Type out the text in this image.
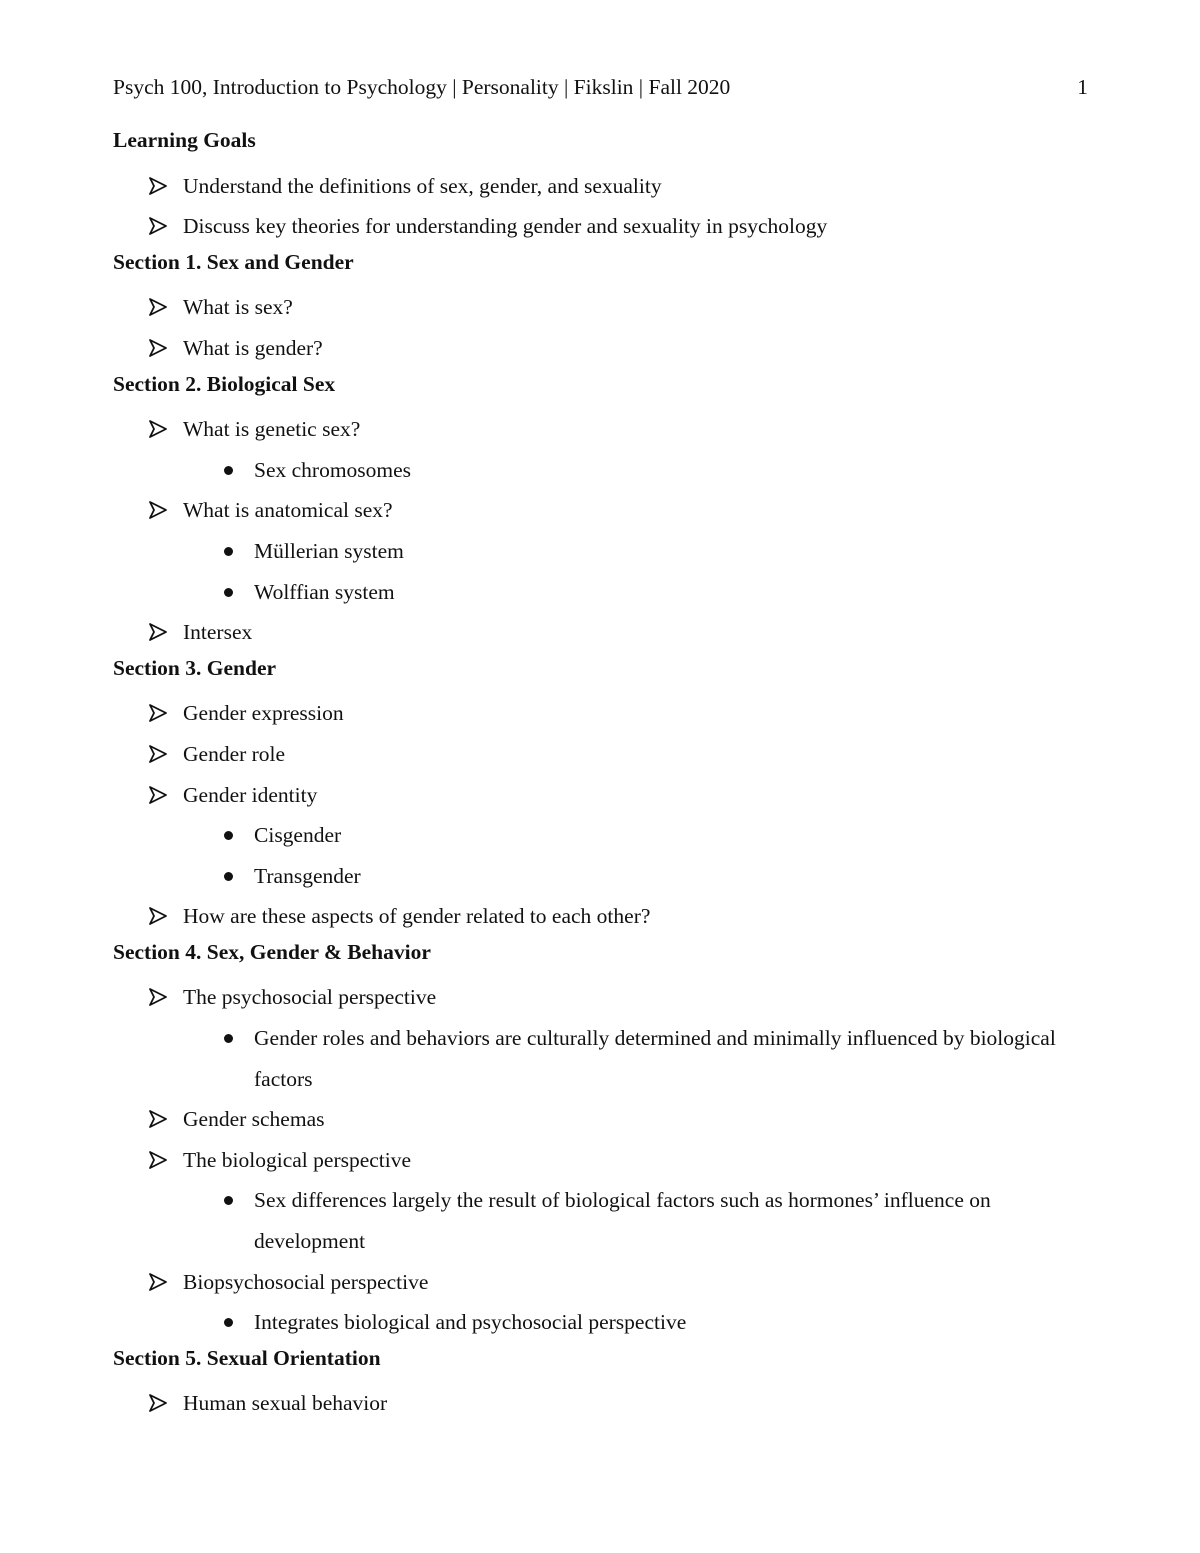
Psych 100, Introduction to Psychology | Personality | Fikslin | Fall 2020	1
Learning Goals
Understand the definitions of sex, gender, and sexuality
Discuss key theories for understanding gender and sexuality in psychology
Section 1. Sex and Gender
What is sex?
What is gender?
Section 2. Biological Sex
What is genetic sex?
Sex chromosomes
What is anatomical sex?
Müllerian system
Wolffian system
Intersex
Section 3. Gender
Gender expression
Gender role
Gender identity
Cisgender
Transgender
How are these aspects of gender related to each other?
Section 4. Sex, Gender & Behavior
The psychosocial perspective
Gender roles and behaviors are culturally determined and minimally influenced by biological factors
Gender schemas
The biological perspective
Sex differences largely the result of biological factors such as hormones’ influence on development
Biopsychosocial perspective
Integrates biological and psychosocial perspective
Section 5. Sexual Orientation
Human sexual behavior
